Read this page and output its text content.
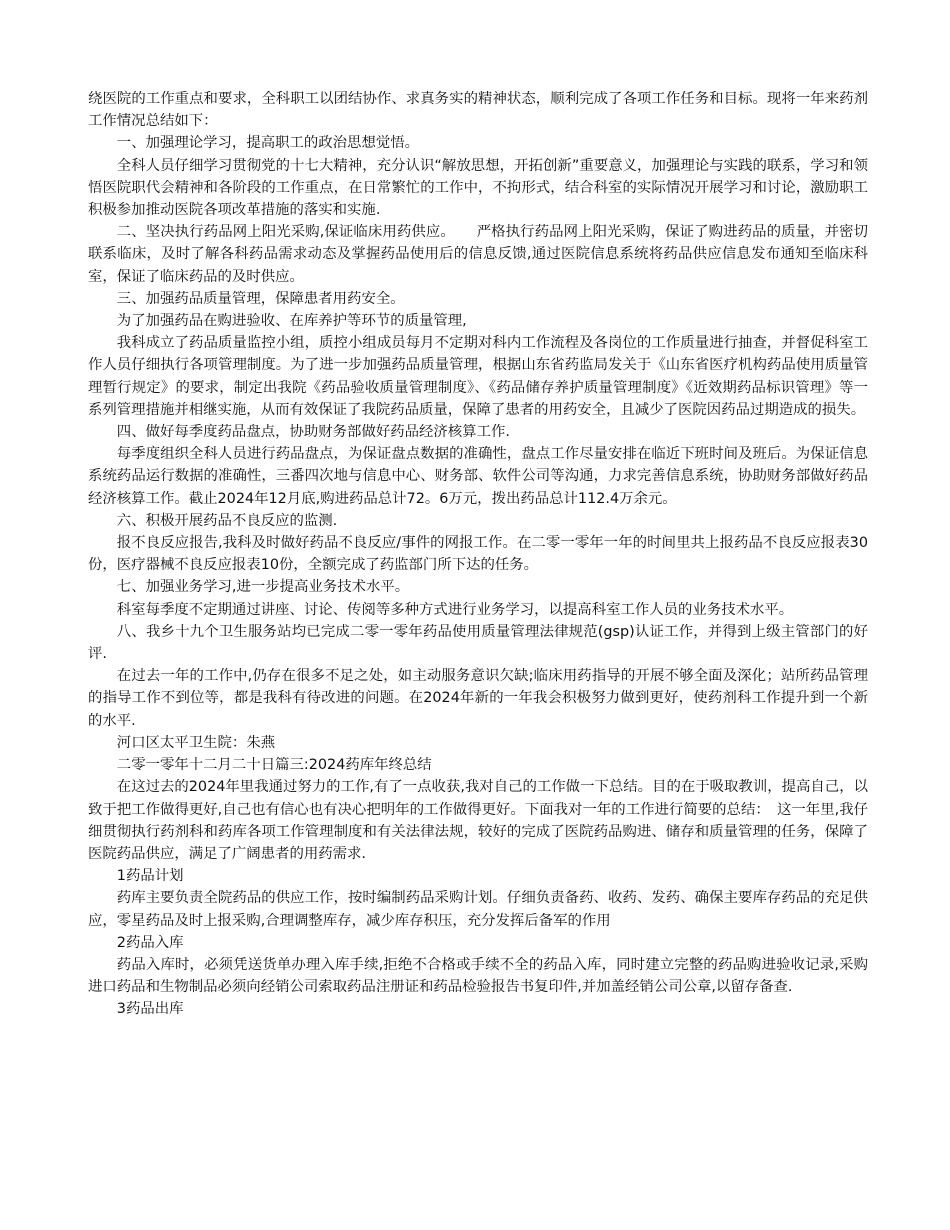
绕医院的工作重点和要求，全科职工以团结协作、求真务实的精神状态，顺利完成了各项工作任务和目标。现将一年来药剂工作情况总结如下：

一、加强理论学习，提高职工的政治思想觉悟。

全科人员仔细学习贯彻党的十七大精神，充分认识“解放思想，开拓创新”重要意义，加强理论与实践的联系，学习和领悟医院职代会精神和各阶段的工作重点，在日常繁忙的工作中，不拘形式，结合科室的实际情况开展学习和讨论，激励职工积极参加推动医院各项改革措施的落实和实施.

二、坚决执行药品网上阳光采购,保证临床用药供应。　　严格执行药品网上阳光采购，保证了购进药品的质量，并密切联系临床，及时了解各科药品需求动态及掌握药品使用后的信息反馈,通过医院信息系统将药品供应信息发布通知至临床科室，保证了临床药品的及时供应。

三、加强药品质量管理，保障患者用药安全。

为了加强药品在购进验收、在库养护等环节的质量管理,

我科成立了药品质量监控小组，质控小组成员每月不定期对科内工作流程及各岗位的工作质量进行抽查，并督促科室工作人员仔细执行各项管理制度。为了进一步加强药品质量管理，根据山东省药监局发关于《山东省医疗机构药品使用质量管理暂行规定》的要求，制定出我院《药品验收质量管理制度》、《药品储存养护质量管理制度》《近效期药品标识管理》等一系列管理措施并相继实施，从而有效保证了我院药品质量，保障了患者的用药安全，且减少了医院因药品过期造成的损失。

四、做好每季度药品盘点，协助财务部做好药品经济核算工作.

每季度组织全科人员进行药品盘点，为保证盘点数据的准确性，盘点工作尽量安排在临近下班时间及班后。为保证信息系统药品运行数据的准确性，三番四次地与信息中心、财务部、软件公司等沟通，力求完善信息系统，协助财务部做好药品经济核算工作。截止2024年12月底,购进药品总计72。6万元，拨出药品总计112.4万余元。

六、积极开展药品不良反应的监测.

报不良反应报告,我科及时做好药品不良反应/事件的网报工作。在二零一零年一年的时间里共上报药品不良反应报表30份，医疗器械不良反应报表10份，全额完成了药监部门所下达的任务。

七、加强业务学习,进一步提高业务技术水平。

科室每季度不定期通过讲座、讨论、传阅等多种方式进行业务学习，以提高科室工作人员的业务技术水平。

八、我乡十九个卫生服务站均已完成二零一零年药品使用质量管理法律规范(gsp)认证工作，并得到上级主管部门的好评.

在过去一年的工作中,仍存在很多不足之处，如主动服务意识欠缺;临床用药指导的开展不够全面及深化；站所药品管理的指导工作不到位等，都是我科有待改进的问题。在2024年新的一年我会积极努力做到更好，使药剂科工作提升到一个新的水平.

河口区太平卫生院：朱燕

二零一零年十二月二十日篇三:2024药库年终总结

在这过去的2024年里我通过努力的工作,有了一点收获,我对自己的工作做一下总结。目的在于吸取教训，提高自己，以致于把工作做得更好,自己也有信心也有决心把明年的工作做得更好。下面我对一年的工作进行简要的总结：　这一年里,我仔细贯彻执行药剂科和药库各项工作管理制度和有关法律法规，较好的完成了医院药品购进、储存和质量管理的任务，保障了医院药品供应，满足了广阔患者的用药需求.

1药品计划

药库主要负责全院药品的供应工作，按时编制药品采购计划。仔细负责备药、收药、发药、确保主要库存药品的充足供应，零星药品及时上报采购,合理调整库存，减少库存积压，充分发挥后备军的作用

2药品入库

药品入库时，必须凭送货单办理入库手续,拒绝不合格或手续不全的药品入库，同时建立完整的药品购进验收记录,采购进口药品和生物制品必须向经销公司索取药品注册证和药品检验报告书复印件,并加盖经销公司公章,以留存备查.

3药品出库
